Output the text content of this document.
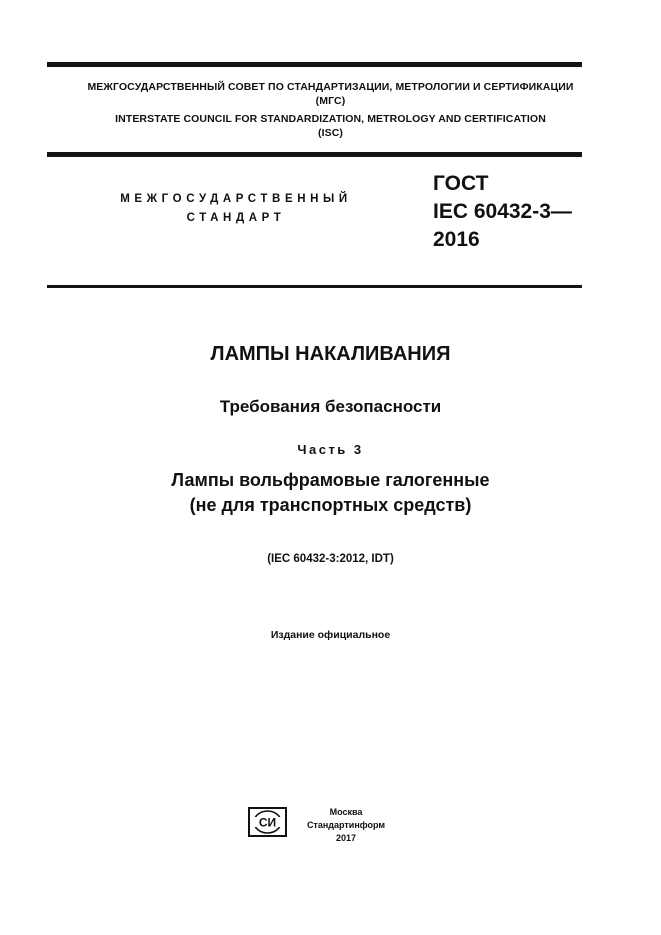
МЕЖГОСУДАРСТВЕННЫЙ СОВЕТ ПО СТАНДАРТИЗАЦИИ, МЕТРОЛОГИИ И СЕРТИФИКАЦИИ
(МГС)
INTERSTATE COUNCIL FOR STANDARDIZATION, METROLOGY AND CERTIFICATION
(ISC)
МЕЖГОСУДАРСТВЕННЫЙ
СТАНДАРТ
ГОСТ
IEC 60432-3—
2016
ЛАМПЫ НАКАЛИВАНИЯ
Требования безопасности
Часть 3
Лампы вольфрамовые галогенные
(не для транспортных средств)
(IEC 60432-3:2012, IDT)
Издание официальное
СИ
Москва
Стандартинформ
2017
